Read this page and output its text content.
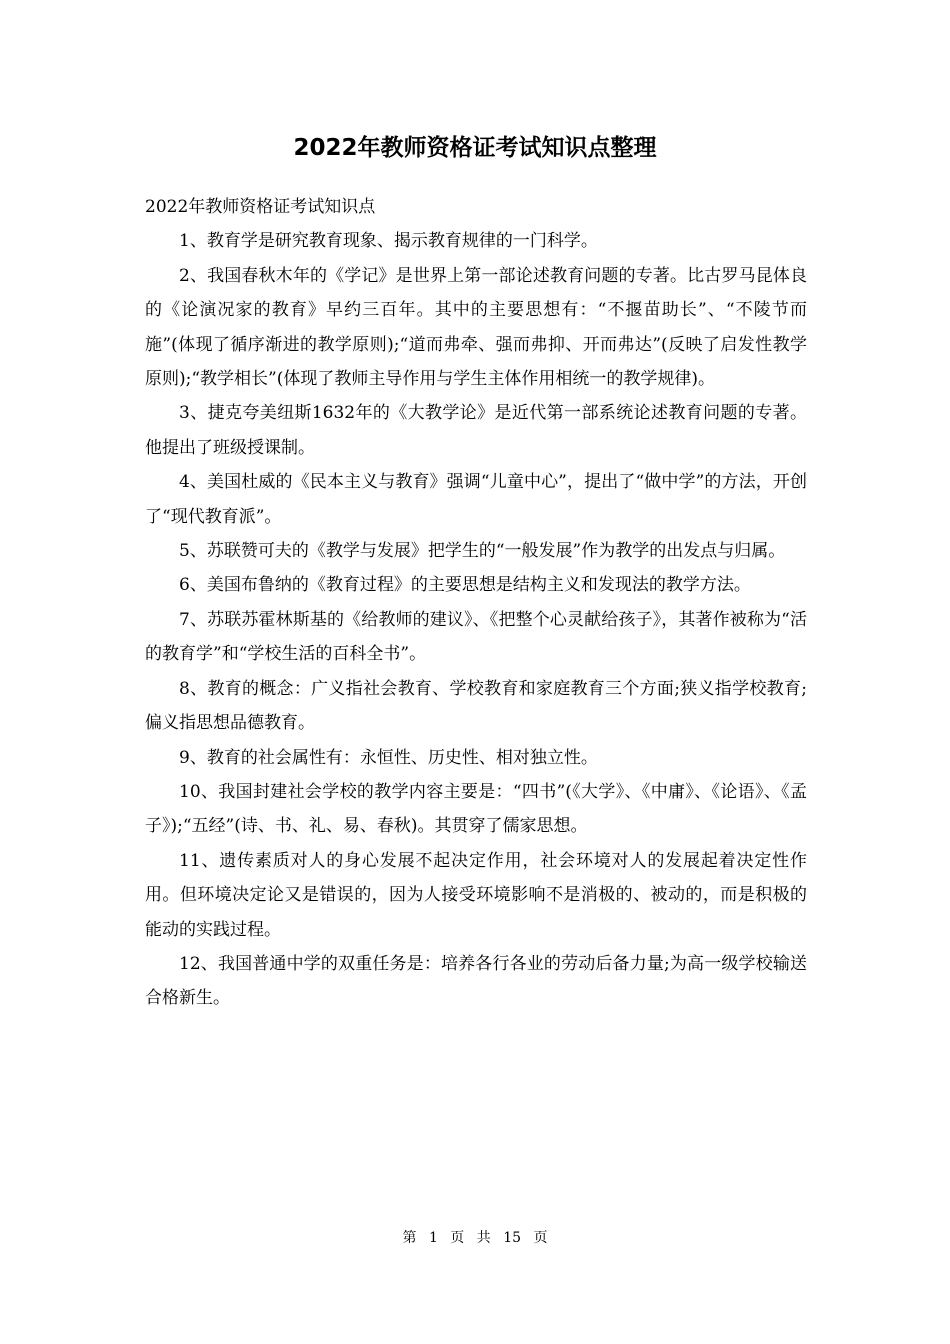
2022年教师资格证考试知识点整理

2022年教师资格证考试知识点

1、教育学是研究教育现象、揭示教育规律的一门科学。

2、我国春秋木年的《学记》是世界上第一部论述教育问题的专著。比古罗马昆体良的《论演况家的教育》早约三百年。其中的主要思想有：“不揠苗助长”、“不陵节而施”(体现了循序渐进的教学原则);“道而弗牵、强而弗抑、开而弗达”(反映了启发性教学原则);“教学相长”(体现了教师主导作用与学生主体作用相统一的教学规律)。

3、捷克夸美纽斯1632年的《大教学论》是近代第一部系统论述教育问题的专著。他提出了班级授课制。

4、美国杜威的《民本主义与教育》强调“儿童中心”，提出了“做中学”的方法，开创了“现代教育派”。

5、苏联赞可夫的《教学与发展》把学生的“一般发展”作为教学的出发点与归属。

6、美国布鲁纳的《教育过程》的主要思想是结构主义和发现法的教学方法。

7、苏联苏霍林斯基的《给教师的建议》、《把整个心灵献给孩子》，其著作被称为“活的教育学”和“学校生活的百科全书”。

8、教育的概念：广义指社会教育、学校教育和家庭教育三个方面;狭义指学校教育;偏义指思想品德教育。

9、教育的社会属性有：永恒性、历史性、相对独立性。

10、我国封建社会学校的教学内容主要是：“四书”(《大学》、《中庸》、《论语》、《孟子》);“五经”(诗、书、礼、易、春秋)。其贯穿了儒家思想。

11、遗传素质对人的身心发展不起决定作用，社会环境对人的发展起着决定性作用。但环境决定论又是错误的，因为人接受环境影响不是消极的、被动的，而是积极的能动的实践过程。

12、我国普通中学的双重任务是：培养各行各业的劳动后备力量;为高一级学校输送合格新生。

第 1 页 共 15 页
